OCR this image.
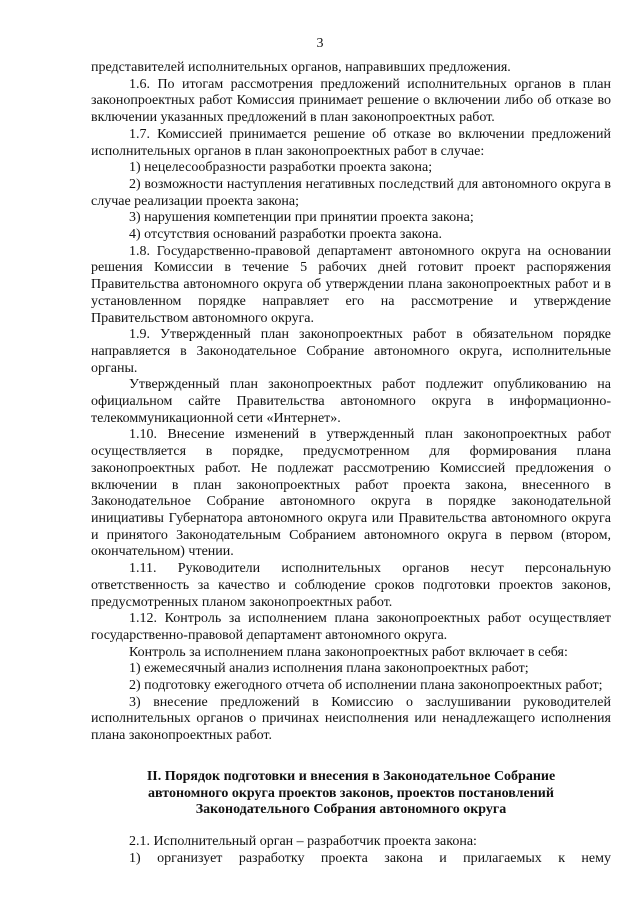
3

представителей исполнительных органов, направивших предложения.

1.6. По итогам рассмотрения предложений исполнительных органов в план законопроектных работ Комиссия принимает решение о включении либо об отказе во включении указанных предложений в план законопроектных работ.

1.7. Комиссией принимается решение об отказе во включении предложений исполнительных органов в план законопроектных работ в случае:

1) нецелесообразности разработки проекта закона;

2) возможности наступления негативных последствий для автономного округа в случае реализации проекта закона;

3) нарушения компетенции при принятии проекта закона;

4) отсутствия оснований разработки проекта закона.

1.8. Государственно-правовой департамент автономного округа на основании решения Комиссии в течение 5 рабочих дней готовит проект распоряжения Правительства автономного округа об утверждении плана законопроектных работ и в установленном порядке направляет его на рассмотрение и утверждение Правительством автономного округа.

1.9. Утвержденный план законопроектных работ в обязательном порядке направляется в Законодательное Собрание автономного округа, исполнительные органы.

Утвержденный план законопроектных работ подлежит опубликованию на официальном сайте Правительства автономного округа в информационно-телекоммуникационной сети «Интернет».

1.10. Внесение изменений в утвержденный план законопроектных работ осуществляется в порядке, предусмотренном для формирования плана законопроектных работ. Не подлежат рассмотрению Комиссией предложения о включении в план законопроектных работ проекта закона, внесенного в Законодательное Собрание автономного округа в порядке законодательной инициативы Губернатора автономного округа или Правительства автономного округа и принятого Законодательным Собранием автономного округа в первом (втором, окончательном) чтении.

1.11. Руководители исполнительных органов несут персональную ответственность за качество и соблюдение сроков подготовки проектов законов, предусмотренных планом законопроектных работ.

1.12. Контроль за исполнением плана законопроектных работ осуществляет государственно-правовой департамент автономного округа.

Контроль за исполнением плана законопроектных работ включает в себя:

1) ежемесячный анализ исполнения плана законопроектных работ;

2) подготовку ежегодного отчета об исполнении плана законопроектных работ;

3) внесение предложений в Комиссию о заслушивании руководителей исполнительных органов о причинах неисполнения или ненадлежащего исполнения плана законопроектных работ.

II. Порядок подготовки и внесения в Законодательное Собрание
автономного округа проектов законов, проектов постановлений
Законодательного Собрания автономного округа

2.1. Исполнительный орган – разработчик проекта закона:

1) организует разработку проекта закона и прилагаемых к нему
